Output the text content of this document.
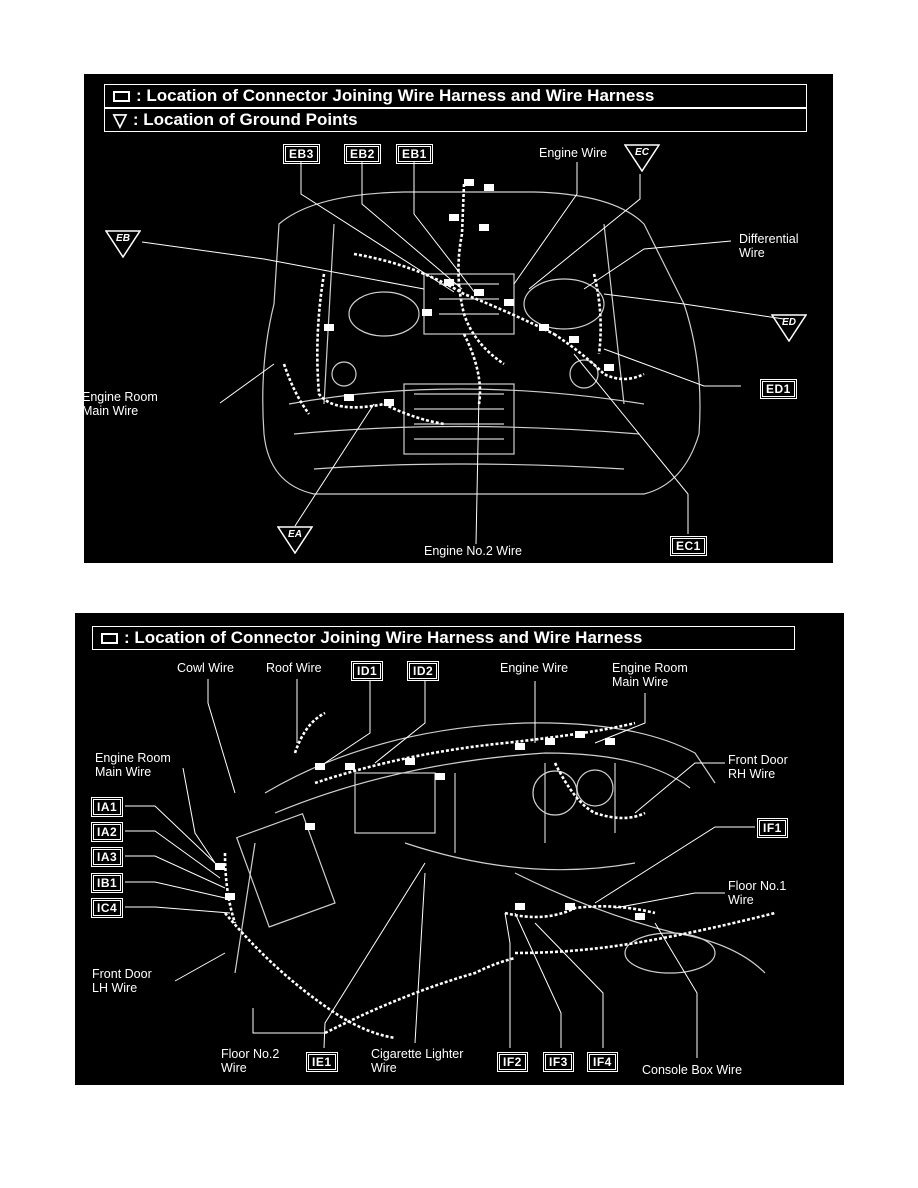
: Location of Connector Joining Wire Harness and Wire Harness
▽ : Location of Ground Points
EB3	EB2	EB1
ED1
EC1
EC
EB
ED
EA
Engine Wire
Differential
Wire
Engine Room
Main Wire
Engine No.2 Wire
: Location of Connector Joining Wire Harness and Wire Harness
Cowl Wire	Roof Wire	ID1	ID2	Engine Wire	Engine Room
Main Wire
Engine Room
Main Wire
Front Door
RH Wire
IA1
IA2
IA3
IB1
IC4
IF1
Floor No.1
Wire
Front Door
LH Wire
Floor No.2
Wire	IE1
Cigarette Lighter
Wire	IF2	IF3	IF4
Console Box Wire
